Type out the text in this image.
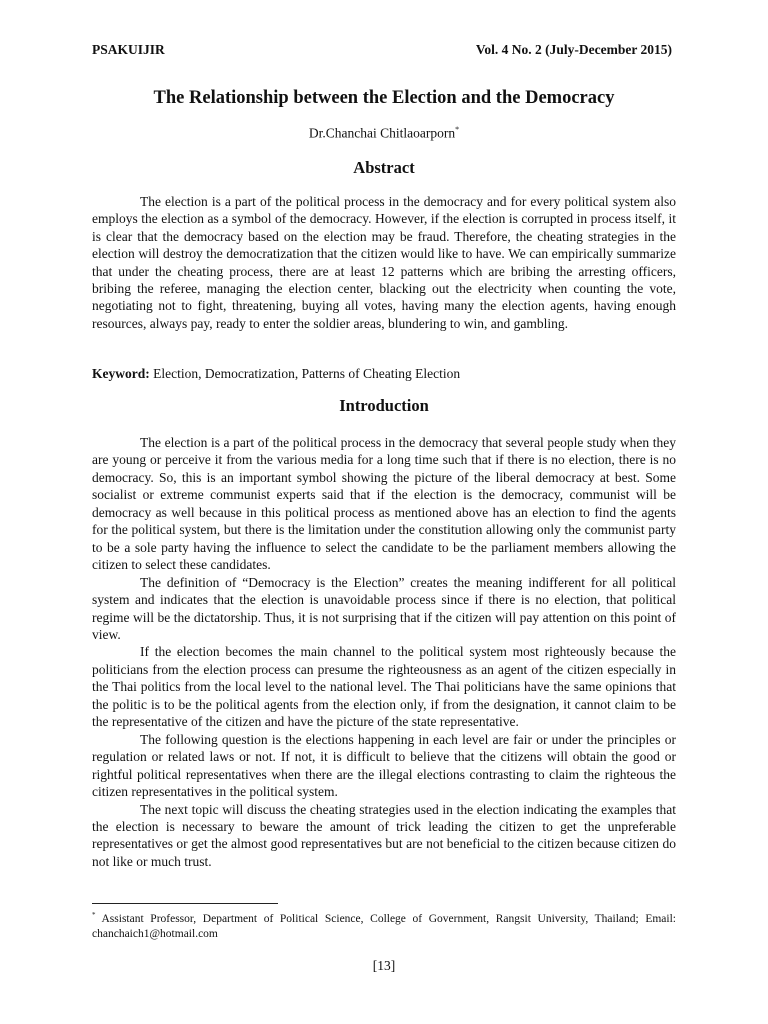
PSAKUIJIR	Vol. 4 No. 2 (July-December 2015)
The Relationship between the Election and the Democracy
Dr.Chanchai Chitlaoarporn*
Abstract

The election is a part of the political process in the democracy and for every political system also employs the election as a symbol of the democracy. However, if the election is corrupted in process itself, it is clear that the democracy based on the election may be fraud. Therefore, the cheating strategies in the election will destroy the democratization that the citizen would like to have. We can empirically summarize that under the cheating process, there are at least 12 patterns which are bribing the arresting officers, bribing the referee, managing the election center, blacking out the electricity when counting the vote, negotiating not to fight, threatening, buying all votes, having many the election agents, having enough resources, always pay, ready to enter the soldier areas, blundering to win, and gambling.

Keyword: Election, Democratization, Patterns of Cheating Election
Introduction

The election is a part of the political process in the democracy that several people study when they are young or perceive it from the various media for a long time such that if there is no election, there is no democracy. So, this is an important symbol showing the picture of the liberal democracy at best. Some socialist or extreme communist experts said that if the election is the democracy, communist will be democracy as well because in this political process as mentioned above has an election to find the agents for the political system, but there is the limitation under the constitution allowing only the communist party to be a sole party having the influence to select the candidate to be the parliament members allowing the citizen to select these candidates.

The definition of “Democracy is the Election” creates the meaning indifferent for all political system and indicates that the election is unavoidable process since if there is no election, that political regime will be the dictatorship. Thus, it is not surprising that if the citizen will pay attention on this point of view.

If the election becomes the main channel to the political system most righteously because the politicians from the election process can presume the righteousness as an agent of the citizen especially in the Thai politics from the local level to the national level. The Thai politicians have the same opinions that the politic is to be the political agents from the election only, if from the designation, it cannot claim to be the representative of the citizen and have the picture of the state representative.

The following question is the elections happening in each level are fair or under the principles or regulation or related laws or not. If not, it is difficult to believe that the citizens will obtain the good or rightful political representatives when there are the illegal elections contrasting to claim the righteous the citizen representatives in the political system.

The next topic will discuss the cheating strategies used in the election indicating the examples that the election is necessary to beware the amount of trick leading the citizen to get the unpreferable representatives or get the almost good representatives but are not beneficial to the citizen because citizen do not like or much trust.

* Assistant Professor, Department of Political Science, College of Government, Rangsit University, Thailand; Email: chanchaich1@hotmail.com
[13]
